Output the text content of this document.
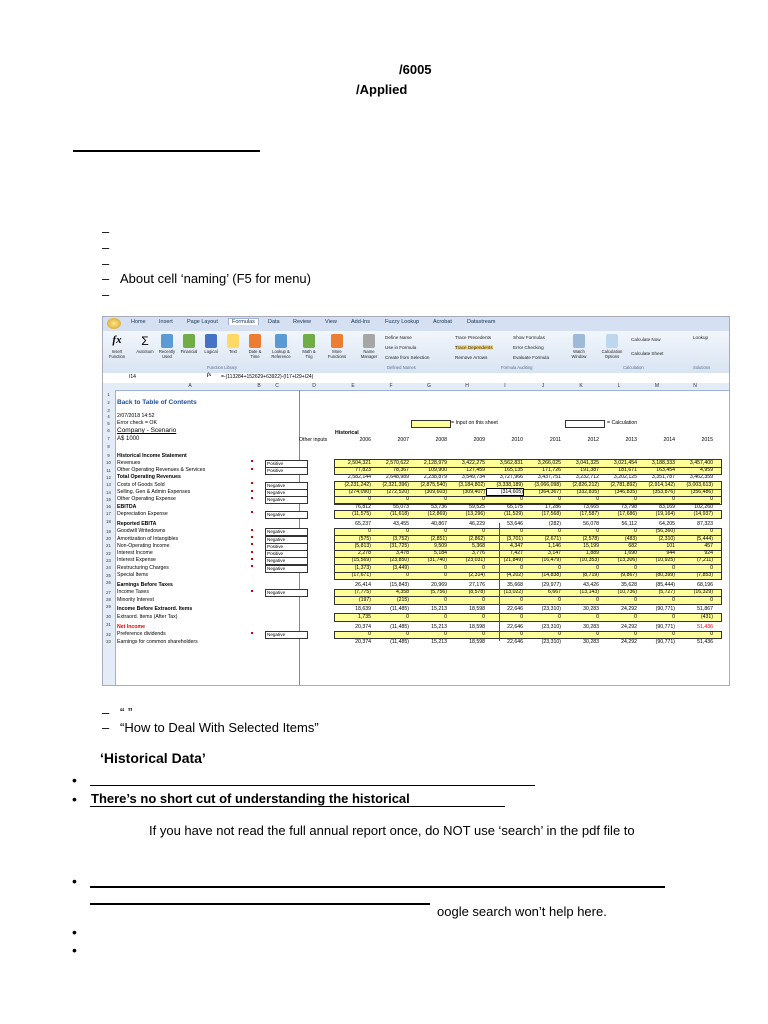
/6005
/Applied
–
–
–
– About cell ‘naming’ (F5 for menu)
–
Home Insert	Page Layout	Formulas	Data Review	View	Add-Ins	Fuzzy Lookup	Acrobat	Datastream
fx
Insert Function
Σ
AutoSum	Recently Used
Financial	Logical	Text	Date & Time
Lookup & Reference
Math & Trig
More Functions
Name Manager
Define Name
Use in Formula
Create from Selection
Trace Precedents
Trace Dependents
Remove Arrows
Show Formulas
Error Checking
Evaluate Formula
Watch Window
Calculation Options
Calculate Now
Calculate Sheet
Lookup
Function Library	Defined Names	Formula Auditing	Calculation	Solutions
I14	fx =-(113284+152629+63922)-(I17+I29+I24)
A	B	C	D	E	F	G	H	I	J	K	L	M	N
1
2
3
4
5
6
7
8
9
10
11
12
13
14
15
16
17
18
19
20
21
22
23
24
25
26
27
28
29
30
31
32
33
Back to Table of Contents
2/07/2018 14:52
Error check = OK
Company - Scenario
A$ 1000
= Input on this sheet	= Calculation
Historical
Other inputs	2006	2007	2008	2009	2010	2011	2012	2013	2014	2015
Historical Income Statement
Revenues	Positive	2,504,321	2,570,622	2,128,979	3,422,275	3,562,831	3,266,025	3,041,325	3,021,454	3,188,333	3,457,400
Other Operating Revenues & Services	Positive	77,823	78,367	109,900	127,459	165,135	171,726	191,387	181,671	163,454	4,959
Total Operating Revenues	2,582,144	2,648,989	2,238,879	3,549,734	3,727,966	3,437,751	3,232,712	3,202,125	3,351,787	3,462,359
Costs of Goods Sold	Negative	(2,231,242)	(2,321,396)	(2,875,540)	(3,184,802)	(3,338,189)	(3,066,098)	(2,826,212)	(2,781,892)	(2,914,142)	(3,003,613)
Selling, Gen & Admin Expenses	Negative	(274,090)	(272,520)	(309,603)	(309,407)	(314,605)	(364,367)	(332,835)	(346,835)	(353,876)	(356,486)
Other Operating Expense	Negative	0	0	0	0	0	0	0	0	0	0
EBITDA	76,812	55,073	53,736	59,525	65,175	17,286	73,665	73,798	83,169	102,260
Depreciation Expense	Negative	(11,575)	(11,618)	(12,869)	(13,296)	(11,529)	(17,568)	(17,587)	(17,686)	(19,164)	(14,937)
Reported EBITA	65,237	43,455	40,867	46,229	53,646	(282)	56,078	56,112	64,205	87,323
Goodwill Writedowns	Negative	0	0	0	0	0	0	0	0	(56,360)	0
Amortization of Intangibles	Negative	(575)	(3,752)	(2,851)	(2,862)	(3,701)	(2,671)	(2,578)	(483)	(2,310)	(5,444)
Non-Operating Income	Positive	(5,813)	(31,725)	9,509	5,368	4,347	1,146	15,199	682	101	457
Interest Income	Positive	2,278	3,478	5,184	3,776	7,427	3,147	1,889	1,690	944	924
Interest Expense	Negative	(15,569)	(23,850)	(31,740)	(23,031)	(21,849)	(16,479)	(10,353)	(13,306)	(10,925)	(7,211)
Restructuring Charges	Negative	(1,373)	(3,449)	0	0	0	0	0	0	0	0
Special Items	(17,671)	0	0	(2,314)	(4,202)	(14,838)	(8,719)	(9,867)	(80,399)	(7,853)
Earnings Before Taxes	26,414	(15,843)	20,969	27,176	35,668	(29,977)	43,426	35,628	(85,444)	68,196
Income Taxes	Negative	(7,775)	4,358	(5,756)	(8,578)	(13,022)	6,667	(13,143)	(10,736)	(5,727)	(16,329)
Minority Interest	(197)	(215)	0	0	0	0	0	0	0	0
Income Before Extraord. Items	18,639	(11,485)	15,213	18,598	22,646	(23,310)	30,283	24,292	(90,771)	51,867
Extraord. Items (After Tax)	1,735	0	0	0	0	0	0	0	0	(431)
Net Income	20,374	(11,485)	15,213	18,598	22,646	(23,310)	30,283	24,292	(90,771)	51,436
Preference dividends	Negative	0	0	0	0	0	0	0	0	0	0
Earnings for common shareholders	20,374	(11,485)	15,213	18,598	22,646	(23,310)	30,283	24,292	(90,771)	51,436
– “ ”
– “How to Deal With Selected Items”
‘Historical Data’
•
• There’s no short cut of understanding the historical
If you have not read the full annual report once, do NOT use ‘search’ in the pdf file to
•
oogle search won’t help here.
•
•
